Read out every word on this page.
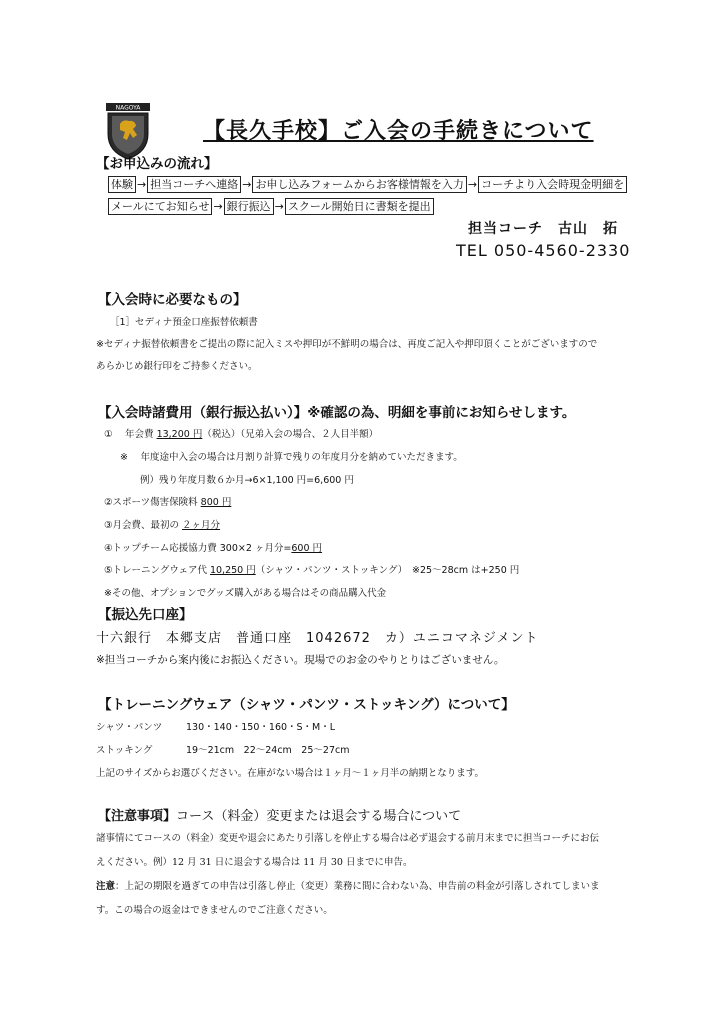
NAGOYA
【長久手校】ご入会の手続きについて
【お申込みの流れ】
体験 → 担当コーチへ連絡 → お申し込みフォームからお客様情報を入力 → コーチより入会時現金明細を
メールにてお知らせ → 銀行振込 → スクール開始日に書類を提出
担当コーチ　古山　拓
TEL 050-4560-2330
【入会時に必要なもの】
［1］セディナ預金口座振替依頼書
※セディナ振替依頼書をご提出の際に記入ミスや押印が不鮮明の場合は、再度ご記入や押印頂くことがございますので
あらかじめ銀行印をご持参ください。
【入会時諸費用（銀行振込払い）】※確認の為、明細を事前にお知らせします。
①　 年会費 13,200 円（税込）（兄弟入会の場合、２人目半額）
※　 年度途中入会の場合は月割り計算で残りの年度月分を納めていただきます。
例）残り年度月数６か月→6×1,100 円=6,600 円
②スポーツ傷害保険料 800 円
③月会費、最初の ２ヶ月分
④トップチーム応援協力費 300×2 ヶ月分=600 円
⑤トレーニングウェア代 10,250 円（シャツ・パンツ・ストッキング）　※25～28cm は+250 円
※その他、オプションでグッズ購入がある場合はその商品購入代金
【振込先口座】
十六銀行　本郷支店　普通口座　1042672　カ）ユニコマネジメント
※担当コーチから案内後にお振込ください。現場でのお金のやりとりはございません。
【トレーニングウェア（シャツ・パンツ・ストッキング）について】
シャツ・パンツ 130・140・150・160・S・M・L
ストッキング	19～21cm　22～24cm　25～27cm
上記のサイズからお選びください。在庫がない場合は１ヶ月～１ヶ月半の納期となります。
【注意事項】コース（料金）変更または退会する場合について
諸事情にてコースの（料金）変更や退会にあたり引落しを停止する場合は必ず退会する前月末までに担当コーチにお伝
えください。例）12 月 31 日に退会する場合は 11 月 30 日までに申告。
注意：上記の期限を過ぎての申告は引落し停止（変更）業務に間に合わない為、申告前の料金が引落しされてしまいま
す。この場合の返金はできませんのでご注意ください。
